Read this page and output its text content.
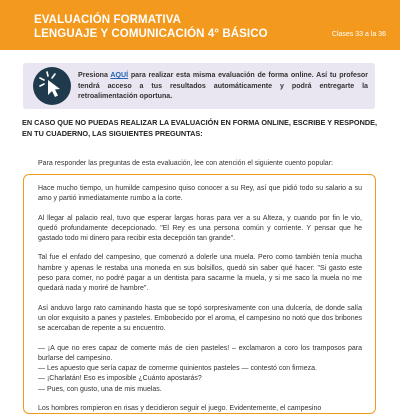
EVALUACIÓN FORMATIVA
LENGUAJE Y COMUNICACIÓN 4° BÁSICO	Clases 33 a la 36
Presiona AQUÍ para realizar esta misma evaluación de forma online. Así tu profesor tendrá acceso a tus resultados automáticamente y podrá entregarte la retroalimentación oportuna.
EN CASO QUE NO PUEDAS REALIZAR LA EVALUACIÓN EN FORMA ONLINE, ESCRIBE Y RESPONDE, EN TU CUADERNO, LAS SIGUIENTES PREGUNTAS:
Para responder las preguntas de esta evaluación, lee con atención el siguiente cuento popular:

Hace mucho tiempo, un humilde campesino quiso conocer a su Rey, así que pidió todo su salario a su amo y partió inmediatamente rumbo a la corte.

Al llegar al palacio real, tuvo que esperar largas horas para ver a su Alteza, y cuando por fin le vio, quedó profundamente decepcionado. "El Rey es una persona común y corriente. Y pensar que he gastado todo mi dinero para recibir esta decepción tan grande".

Tal fue el enfado del campesino, que comenzó a dolerle una muela. Pero como también tenía mucha hambre y apenas le restaba una moneda en sus bolsillos, quedó sin saber qué hacer: "Si gasto este peso para comer, no podré pagar a un dentista para sacarme la muela, y si me saco la muela no me quedará nada y moriré de hambre".

Así anduvo largo rato caminando hasta que se topó sorpresivamente con una dulcería, de donde salía un olor exquisito a panes y pasteles. Embobecido por el aroma, el campesino no notó que dos bribones se acercaban de repente a su encuentro.

— ¡A que no eres capaz de comerte más de cien pasteles! – exclamaron a coro los tramposos para burlarse del campesino.

— Les apuesto que sería capaz de comerme quinientos pasteles — contestó con firmeza.

— ¡Charlatán! Eso es imposible ¿Cuánto apostarás?

— Pues, con gusto, una de mis muelas.

Los hombres rompieron en risas y decidieron seguir el juego. Evidentemente, el campesino
